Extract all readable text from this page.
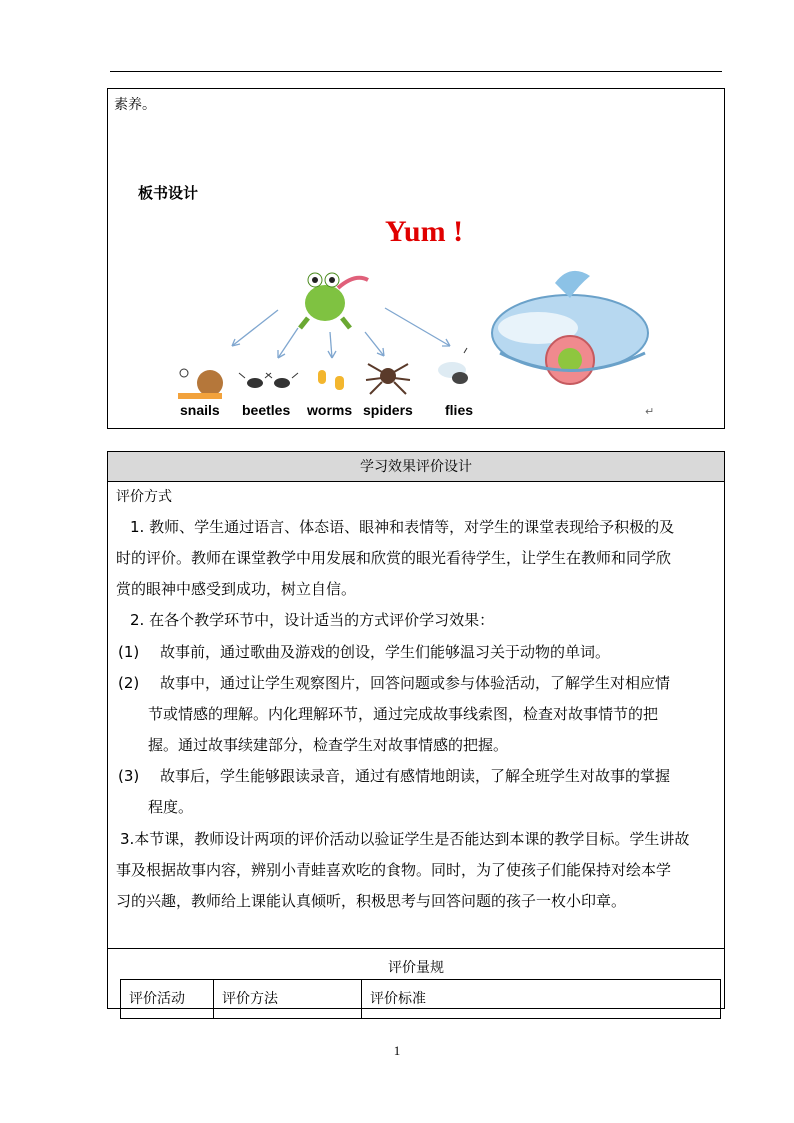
素养。
板书设计
Yum !
snails beetles worms spiders flies	↵
学习效果评价设计
评价方式
1. 教师、学生通过语言、体态语、眼神和表情等，对学生的课堂表现给予积极的及
时的评价。教师在课堂教学中用发展和欣赏的眼光看待学生，让学生在教师和同学欣
赏的眼神中感受到成功，树立自信。
2. 在各个教学环节中，设计适当的方式评价学习效果：
(1) 故事前，通过歌曲及游戏的创设，学生们能够温习关于动物的单词。
(2) 故事中，通过让学生观察图片，回答问题或参与体验活动，了解学生对相应情
节或情感的理解。内化理解环节，通过完成故事线索图，检查对故事情节的把
握。通过故事续建部分，检查学生对故事情感的把握。
(3) 故事后，学生能够跟读录音，通过有感情地朗读，了解全班学生对故事的掌握
程度。
3.本节课，教师设计两项的评价活动以验证学生是否能达到本课的教学目标。学生讲故
事及根据故事内容，辨别小青蛙喜欢吃的食物。同时，为了使孩子们能保持对绘本学
习的兴趣，教师给上课能认真倾听，积极思考与回答问题的孩子一枚小印章。
评价量规
评价活动	评价方法	评价标准
1
